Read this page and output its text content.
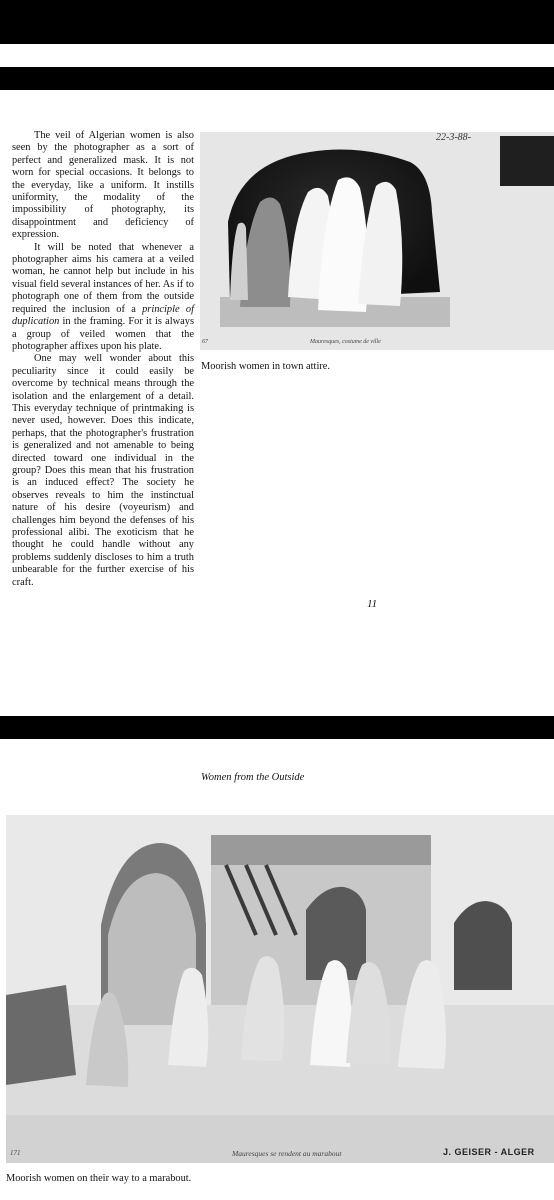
The veil of Algerian women is also seen by the photographer as a sort of perfect and generalized mask. It is not worn for special occasions. It belongs to the everyday, like a uniform. It instills uniformity, the modality of the impossibility of photography, its disappointment and deficiency of expression.

It will be noted that whenever a photographer aims his camera at a veiled woman, he cannot help but include in his visual field several instances of her. As if to photograph one of them from the outside required the inclusion of a principle of duplication in the framing. For it is always a group of veiled women that the photographer affixes upon his plate.

One may well wonder about this peculiarity since it could easily be overcome by technical means through the isolation and the enlargement of a detail. This everyday technique of printmaking is never used, however. Does this indicate, perhaps, that the photographer's frustration is generalized and not amenable to being directed toward one individual in the group? Does this mean that his frustration is an induced effect? The society he observes reveals to him the instinctual nature of his desire (voyeurism) and challenges him beyond the defenses of his professional alibi. The exoticism that he thought he could handle without any problems suddenly discloses to him a truth unbearable for the further exercise of his craft.

22-3-88-
67	Mauresques, costume de ville
Moorish women in town attire.
11
Women from the Outside
171	Mauresques se rendent au marabout	J. GEISER - ALGER
Moorish women on their way to a marabout.
